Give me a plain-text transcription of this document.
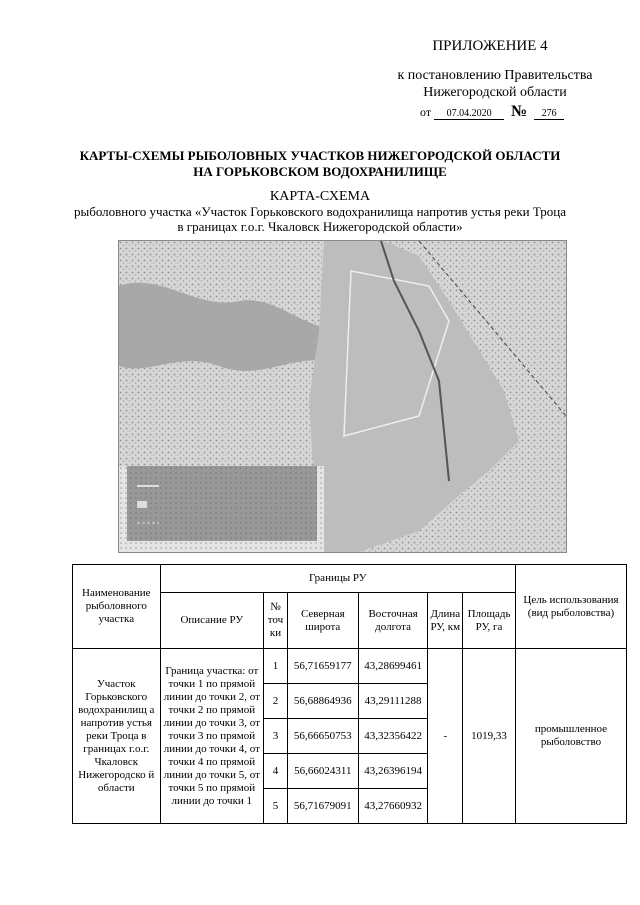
ПРИЛОЖЕНИЕ 4
к постановлению Правительства
Нижегородской области
от 07.04.2020 № 276
КАРТЫ-СХЕМЫ РЫБОЛОВНЫХ УЧАСТКОВ НИЖЕГОРОДСКОЙ ОБЛАСТИ
НА ГОРЬКОВСКОМ ВОДОХРАНИЛИЩЕ
КАРТА-СХЕМА
рыболовного участка «Участок Горьковского водохранилища напротив устья реки Троца
в границах г.о.г. Чкаловск Нижегородской области»
Наименование рыболовного участка	Границы РУ						Цель использования (вид рыболовства)
	Описание РУ	№ точ ки	Северная широта	Восточная долгота	Длина РУ, км	Площадь РУ, га	
Участок Горьковского водохранилищ а напротив устья реки Троца в границах г.о.г. Чкаловск Нижегородско й области	Граница участка: от точки 1 по прямой линии до точки 2, от точки 2 по прямой линии до точки 3, от точки 3 по прямой линии до точки 4, от точки 4 по прямой линии до точки 5, от точки 5 по прямой линии до точки 1	1	56,71659177	43,28699461	-	1019,33	промышленное рыболовство
		2	56,68864936	43,29111288			
		3	56,66650753	43,32356422			
		4	56,66024311	43,26396194			
		5	56,71679091	43,27660932			
